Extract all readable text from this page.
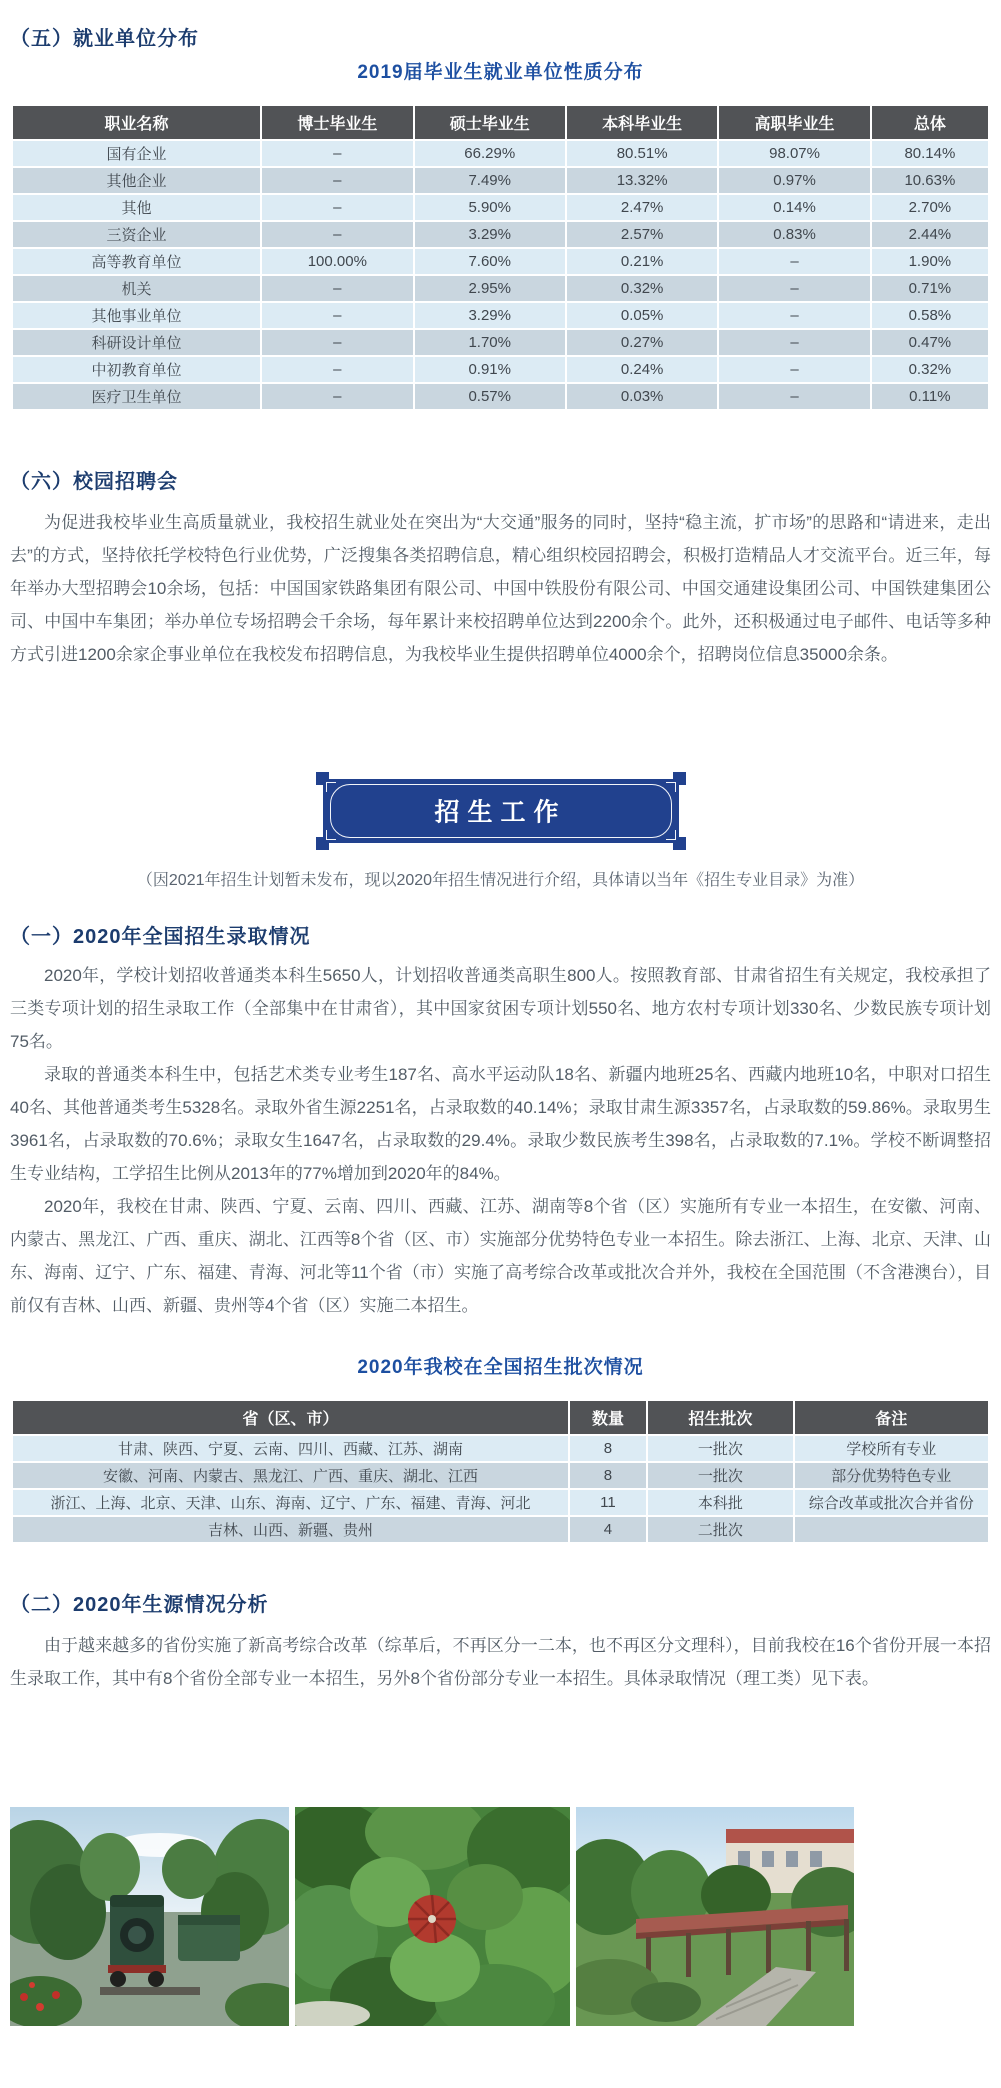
（五）就业单位分布
2019届毕业生就业单位性质分布
职业名称	博士毕业生	硕士毕业生	本科毕业生	高职毕业生	总体
国有企业	–	66.29%	80.51%	98.07%	80.14%
其他企业	–	7.49%	13.32%	0.97%	10.63%
其他	–	5.90%	2.47%	0.14%	2.70%
三资企业	–	3.29%	2.57%	0.83%	2.44%
高等教育单位	100.00%	7.60%	0.21%	–	1.90%
机关	–	2.95%	0.32%	–	0.71%
其他事业单位	–	3.29%	0.05%	–	0.58%
科研设计单位	–	1.70%	0.27%	–	0.47%
中初教育单位	–	0.91%	0.24%	–	0.32%
医疗卫生单位	–	0.57%	0.03%	–	0.11%
（六）校园招聘会

为促进我校毕业生高质量就业，我校招生就业处在突出为“大交通”服务的同时，坚持“稳主流，扩市场”的思路和“请进来，走出去”的方式，坚持依托学校特色行业优势，广泛搜集各类招聘信息，精心组织校园招聘会，积极打造精品人才交流平台。近三年，每年举办大型招聘会10余场，包括：中国国家铁路集团有限公司、中国中铁股份有限公司、中国交通建设集团公司、中国铁建集团公司、中国中车集团；举办单位专场招聘会千余场，每年累计来校招聘单位达到2200余个。此外，还积极通过电子邮件、电话等多种方式引进1200余家企事业单位在我校发布招聘信息，为我校毕业生提供招聘单位4000余个，招聘岗位信息35000余条。

招生工作
（因2021年招生计划暂未发布，现以2020年招生情况进行介绍，具体请以当年《招生专业目录》为准）
（一）2020年全国招生录取情况

2020年，学校计划招收普通类本科生5650人，计划招收普通类高职生800人。按照教育部、甘肃省招生有关规定，我校承担了三类专项计划的招生录取工作（全部集中在甘肃省），其中国家贫困专项计划550名、地方农村专项计划330名、少数民族专项计划75名。

录取的普通类本科生中，包括艺术类专业考生187名、高水平运动队18名、新疆内地班25名、西藏内地班10名，中职对口招生40名、其他普通类考生5328名。录取外省生源2251名，占录取数的40.14%；录取甘肃生源3357名，占录取数的59.86%。录取男生3961名，占录取数的70.6%；录取女生1647名，占录取数的29.4%。录取少数民族考生398名，占录取数的7.1%。学校不断调整招生专业结构，工学招生比例从2013年的77%增加到2020年的84%。

2020年，我校在甘肃、陕西、宁夏、云南、四川、西藏、江苏、湖南等8个省（区）实施所有专业一本招生，在安徽、河南、内蒙古、黑龙江、广西、重庆、湖北、江西等8个省（区、市）实施部分优势特色专业一本招生。除去浙江、上海、北京、天津、山东、海南、辽宁、广东、福建、青海、河北等11个省（市）实施了高考综合改革或批次合并外，我校在全国范围（不含港澳台），目前仅有吉林、山西、新疆、贵州等4个省（区）实施二本招生。

2020年我校在全国招生批次情况
省（区、市）	数量	招生批次	备注
甘肃、陕西、宁夏、云南、四川、西藏、江苏、湖南	8	一批次	学校所有专业
安徽、河南、内蒙古、黑龙江、广西、重庆、湖北、江西	8	一批次	部分优势特色专业
浙江、上海、北京、天津、山东、海南、辽宁、广东、福建、青海、河北	11	本科批	综合改革或批次合并省份
吉林、山西、新疆、贵州	4	二批次	
（二）2020年生源情况分析

由于越来越多的省份实施了新高考综合改革（综革后，不再区分一二本，也不再区分文理科），目前我校在16个省份开展一本招生录取工作，其中有8个省份全部专业一本招生，另外8个省份部分专业一本招生。具体录取情况（理工类）见下表。
